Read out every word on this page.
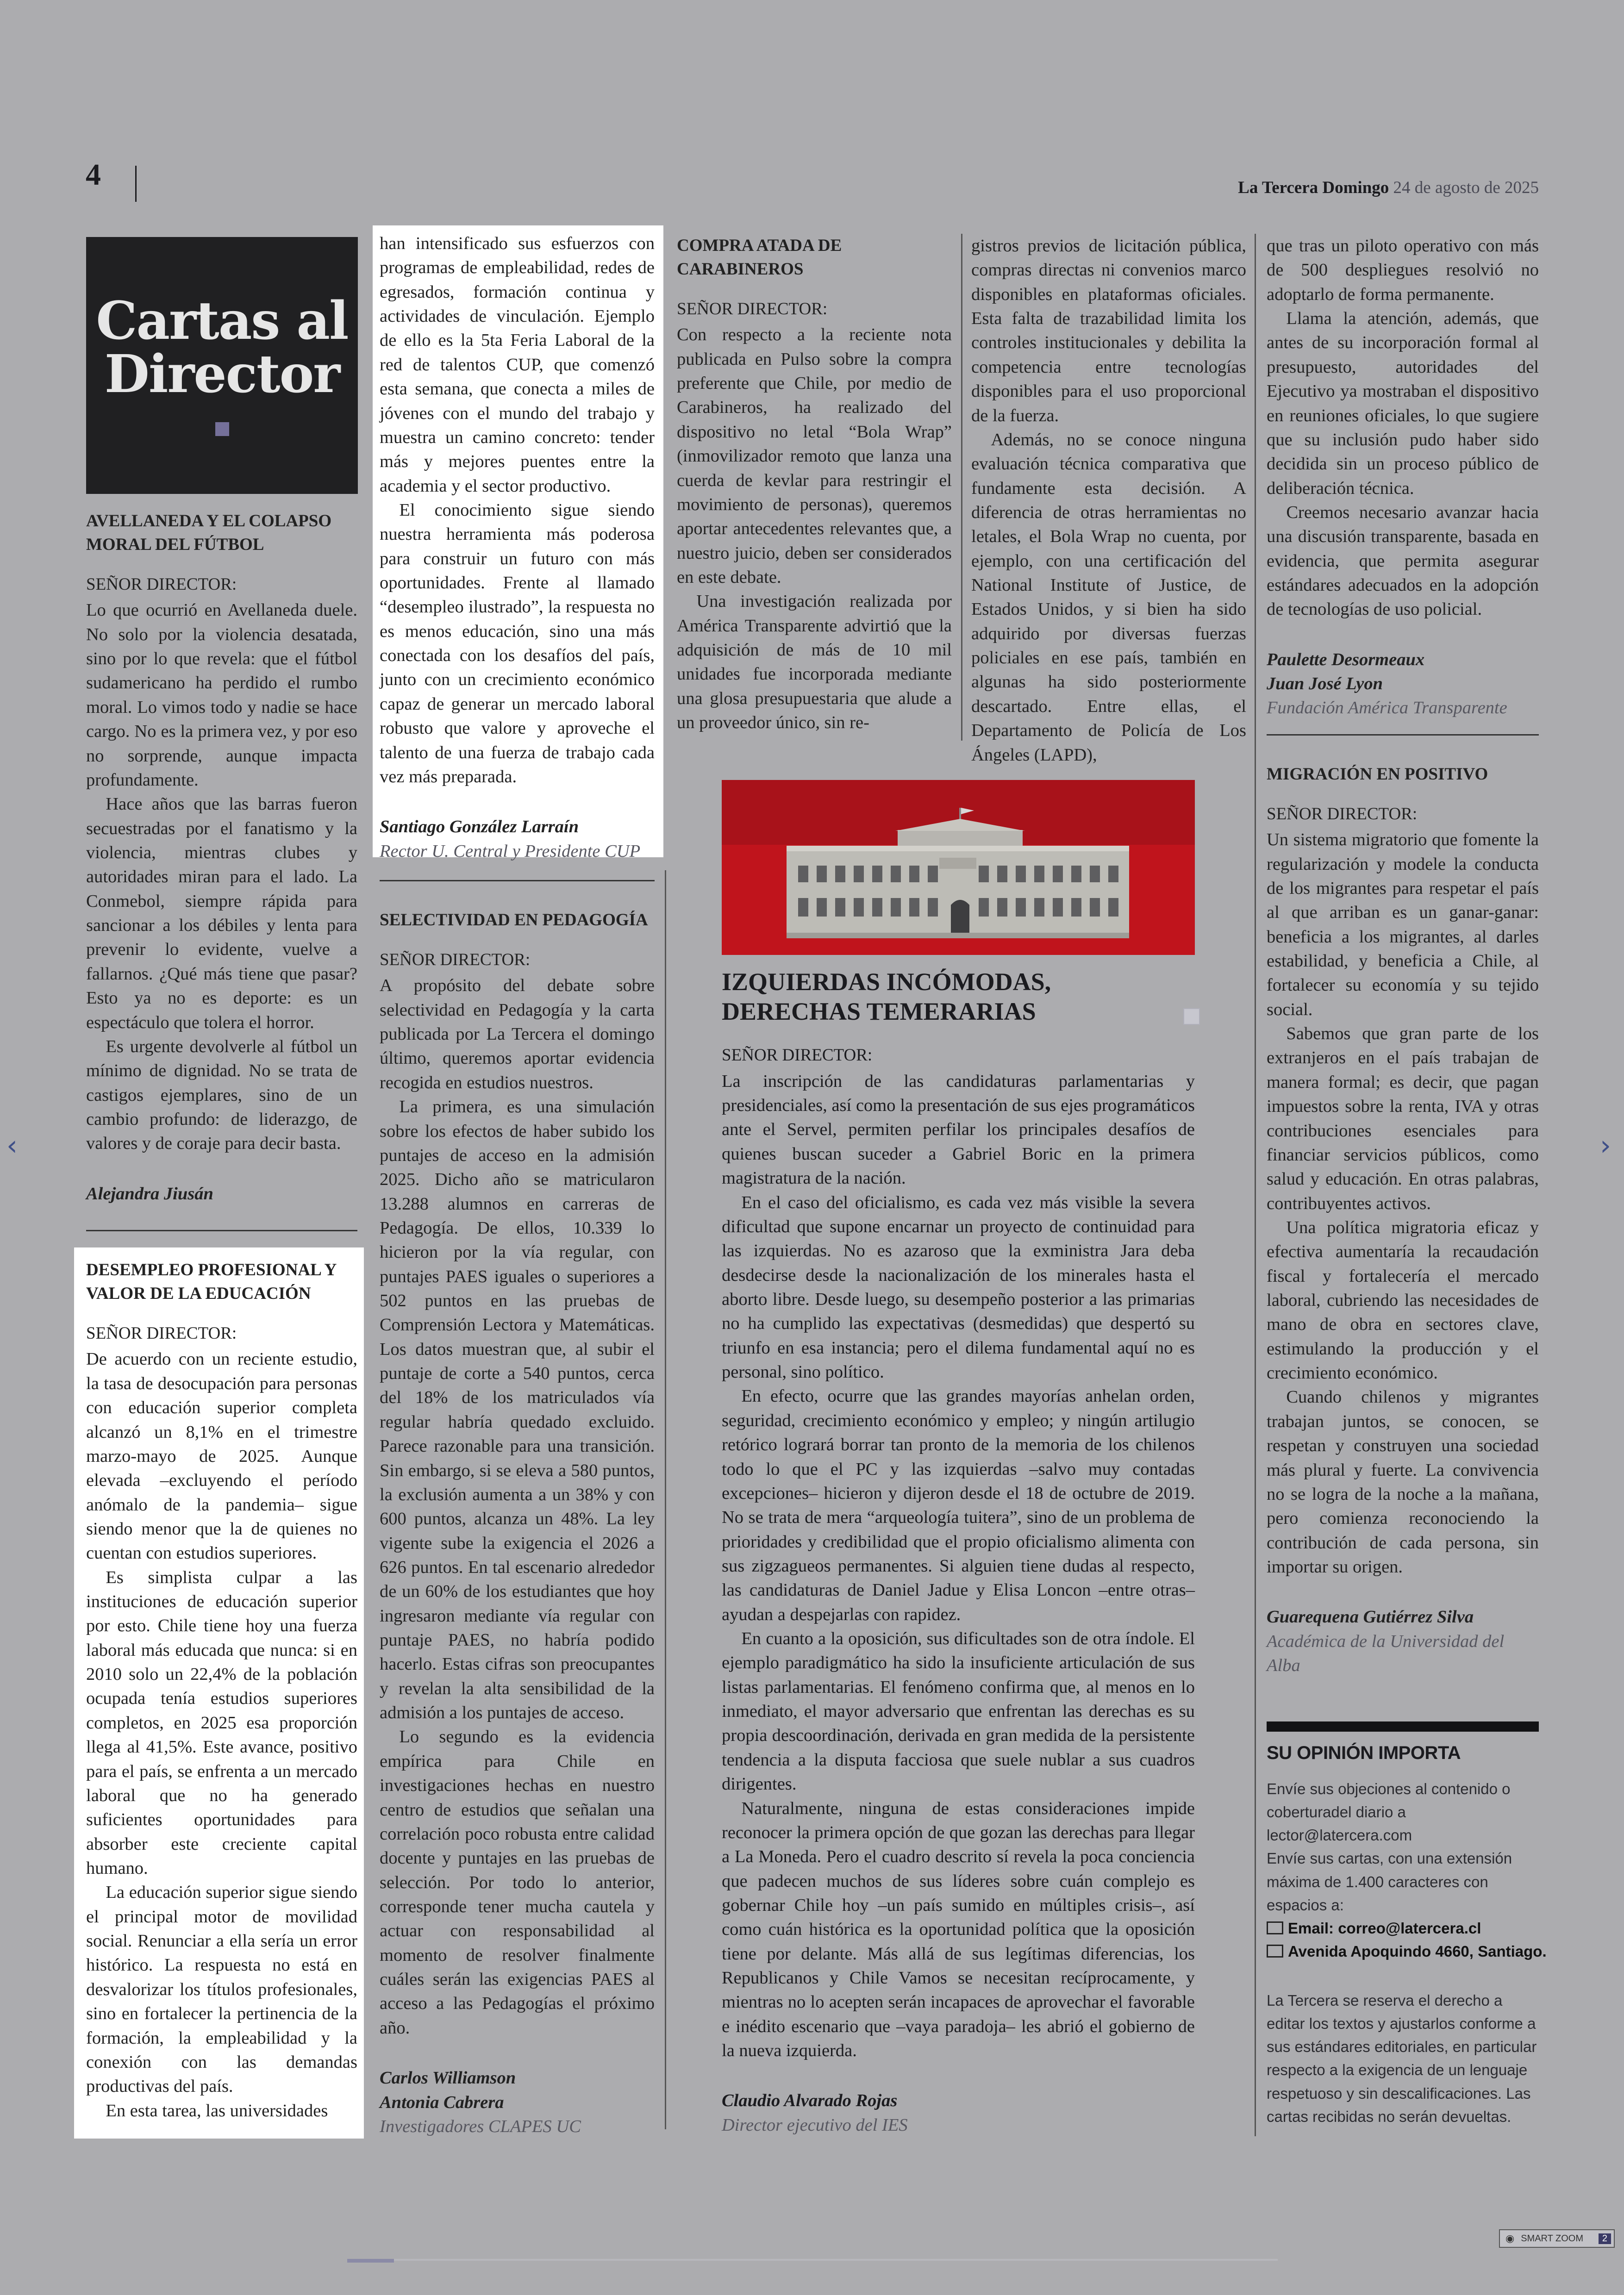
4	La Tercera Domingo 24 de agosto de 2025
Cartas al Director
AVELLANEDA Y EL COLAPSO MORAL DEL FÚTBOL
SEÑOR DIRECTOR:

Lo que ocurrió en Avellaneda duele. No solo por la violencia desatada, sino por lo que revela: que el fútbol sudamericano ha perdido el rumbo moral. Lo vimos todo y nadie se hace cargo. No es la primera vez, y por eso no sorprende, aunque impacta profundamente.

Hace años que las barras fueron secuestradas por el fanatismo y la violencia, mientras clubes y autoridades miran para el lado. La Conmebol, siempre rápida para sancionar a los débiles y lenta para prevenir lo evidente, vuelve a fallarnos. ¿Qué más tiene que pasar? Esto ya no es deporte: es un espectáculo que tolera el horror.

Es urgente devolverle al fútbol un mínimo de dignidad. No se trata de castigos ejemplares, sino de un cambio profundo: de liderazgo, de valores y de coraje para decir basta.

Alejandra Jiusán
DESEMPLEO PROFESIONAL Y VALOR DE LA EDUCACIÓN
SEÑOR DIRECTOR:

De acuerdo con un reciente estudio, la tasa de desocupación para personas con educación superior completa alcanzó un 8,1% en el trimestre marzo-mayo de 2025. Aunque elevada –excluyendo el período anómalo de la pandemia– sigue siendo menor que la de quienes no cuentan con estudios superiores.

Es simplista culpar a las instituciones de educación superior por esto. Chile tiene hoy una fuerza laboral más educada que nunca: si en 2010 solo un 22,4% de la población ocupada tenía estudios superiores completos, en 2025 esa proporción llega al 41,5%. Este avance, positivo para el país, se enfrenta a un mercado laboral que no ha generado suficientes oportunidades para absorber este creciente capital humano.

La educación superior sigue siendo el principal motor de movilidad social. Renunciar a ella sería un error histórico. La respuesta no está en desvalorizar los títulos profesionales, sino en fortalecer la pertinencia de la formación, la empleabilidad y la conexión con las demandas productivas del país.

En esta tarea, las universidades

han intensificado sus esfuerzos con programas de empleabilidad, redes de egresados, formación continua y actividades de vinculación. Ejemplo de ello es la 5ta Feria Laboral de la red de talentos CUP, que comenzó esta semana, que conecta a miles de jóvenes con el mundo del trabajo y muestra un camino concreto: tender más y mejores puentes entre la academia y el sector productivo.

El conocimiento sigue siendo nuestra herramienta más poderosa para construir un futuro con más oportunidades. Frente al llamado “desempleo ilustrado”, la respuesta no es menos educación, sino una más conectada con los desafíos del país, junto con un crecimiento económico capaz de generar un mercado laboral robusto que valore y aproveche el talento de una fuerza de trabajo cada vez más preparada.

Santiago González Larraín
Rector U. Central y Presidente CUP
SELECTIVIDAD EN PEDAGOGÍA
SEÑOR DIRECTOR:

A propósito del debate sobre selectividad en Pedagogía y la carta publicada por La Tercera el domingo último, queremos aportar evidencia recogida en estudios nuestros.

La primera, es una simulación sobre los efectos de haber subido los puntajes de acceso en la admisión 2025. Dicho año se matricularon 13.288 alumnos en carreras de Pedagogía. De ellos, 10.339 lo hicieron por la vía regular, con puntajes PAES iguales o superiores a 502 puntos en las pruebas de Comprensión Lectora y Matemáticas. Los datos muestran que, al subir el puntaje de corte a 540 puntos, cerca del 18% de los matriculados vía regular habría quedado excluido. Parece razonable para una transición. Sin embargo, si se eleva a 580 puntos, la exclusión aumenta a un 38% y con 600 puntos, alcanza un 48%. La ley vigente sube la exigencia el 2026 a 626 puntos. En tal escenario alrededor de un 60% de los estudiantes que hoy ingresaron mediante vía regular con puntaje PAES, no habría podido hacerlo. Estas cifras son preocupantes y revelan la alta sensibilidad de la admisión a los puntajes de acceso.

Lo segundo es la evidencia empírica para Chile en investigaciones hechas en nuestro centro de estudios que señalan una correlación poco robusta entre calidad docente y puntajes en las pruebas de selección. Por todo lo anterior, corresponde tener mucha cautela y actuar con responsabilidad al momento de resolver finalmente cuáles serán las exigencias PAES al acceso a las Pedagogías el próximo año.

Carlos Williamson
Antonia Cabrera
Investigadores CLAPES UC
COMPRA ATADA DE CARABINEROS
SEÑOR DIRECTOR:

Con respecto a la reciente nota publicada en Pulso sobre la compra preferente que Chile, por medio de Carabineros, ha realizado del dispositivo no letal “Bola Wrap” (inmovilizador remoto que lanza una cuerda de kevlar para restringir el movimiento de personas), queremos aportar antecedentes relevantes que, a nuestro juicio, deben ser considerados en este debate.

Una investigación realizada por América Transparente advirtió que la adquisición de más de 10 mil unidades fue incorporada mediante una glosa presupuestaria que alude a un proveedor único, sin re-

gistros previos de licitación pública, compras directas ni convenios marco disponibles en plataformas oficiales. Esta falta de trazabilidad limita los controles institucionales y debilita la competencia entre tecnologías disponibles para el uso proporcional de la fuerza.

Además, no se conoce ninguna evaluación técnica comparativa que fundamente esta decisión. A diferencia de otras herramientas no letales, el Bola Wrap no cuenta, por ejemplo, con una certificación del National Institute of Justice, de Estados Unidos, y si bien ha sido adquirido por diversas fuerzas policiales en ese país, también en algunas ha sido posteriormente descartado. Entre ellas, el Departamento de Policía de Los Ángeles (LAPD),

IZQUIERDAS INCÓMODAS, DERECHAS TEMERARIAS
SEÑOR DIRECTOR:

La inscripción de las candidaturas parlamentarias y presidenciales, así como la presentación de sus ejes programáticos ante el Servel, permiten perfilar los principales desafíos de quienes buscan suceder a Gabriel Boric en la primera magistratura de la nación.

En el caso del oficialismo, es cada vez más visible la severa dificultad que supone encarnar un proyecto de continuidad para las izquierdas. No es azaroso que la exministra Jara deba desdecirse desde la nacionalización de los minerales hasta el aborto libre. Desde luego, su desempeño posterior a las primarias no ha cumplido las expectativas (desmedidas) que despertó su triunfo en esa instancia; pero el dilema fundamental aquí no es personal, sino político.

En efecto, ocurre que las grandes mayorías anhelan orden, seguridad, crecimiento económico y empleo; y ningún artilugio retórico logrará borrar tan pronto de la memoria de los chilenos todo lo que el PC y las izquierdas –salvo muy contadas excepciones– hicieron y dijeron desde el 18 de octubre de 2019. No se trata de mera “arqueología tuitera”, sino de un problema de prioridades y credibilidad que el propio oficialismo alimenta con sus zigzagueos permanentes. Si alguien tiene dudas al respecto, las candidaturas de Daniel Jadue y Elisa Loncon –entre otras– ayudan a despejarlas con rapidez.

En cuanto a la oposición, sus dificultades son de otra índole. El ejemplo paradigmático ha sido la insuficiente articulación de sus listas parlamentarias. El fenómeno confirma que, al menos en lo inmediato, el mayor adversario que enfrentan las derechas es su propia descoordinación, derivada en gran medida de la persistente tendencia a la disputa facciosa que suele nublar a sus cuadros dirigentes.

Naturalmente, ninguna de estas consideraciones impide reconocer la primera opción de que gozan las derechas para llegar a La Moneda. Pero el cuadro descrito sí revela la poca conciencia que padecen muchos de sus líderes sobre cuán complejo es gobernar Chile hoy –un país sumido en múltiples crisis–, así como cuán histórica es la oportunidad política que la oposición tiene por delante. Más allá de sus legítimas diferencias, los Republicanos y Chile Vamos se necesitan recíprocamente, y mientras no lo acepten serán incapaces de aprovechar el favorable e inédito escenario que –vaya paradoja– les abrió el gobierno de la nueva izquierda.

Claudio Alvarado Rojas
Director ejecutivo del IES

que tras un piloto operativo con más de 500 despliegues resolvió no adoptarlo de forma permanente.

Llama la atención, además, que antes de su incorporación formal al presupuesto, autoridades del Ejecutivo ya mostraban el dispositivo en reuniones oficiales, lo que sugiere que su inclusión pudo haber sido decidida sin un proceso público de deliberación técnica.

Creemos necesario avanzar hacia una discusión transparente, basada en evidencia, que permita asegurar estándares adecuados en la adopción de tecnologías de uso policial.

Paulette Desormeaux
Juan José Lyon
Fundación América Transparente
MIGRACIÓN EN POSITIVO
SEÑOR DIRECTOR:

Un sistema migratorio que fomente la regularización y modele la conducta de los migrantes para respetar el país al que arriban es un ganar-ganar: beneficia a los migrantes, al darles estabilidad, y beneficia a Chile, al fortalecer su economía y su tejido social.

Sabemos que gran parte de los extranjeros en el país trabajan de manera formal; es decir, que pagan impuestos sobre la renta, IVA y otras contribuciones esenciales para financiar servicios públicos, como salud y educación. En otras palabras, contribuyentes activos.

Una política migratoria eficaz y efectiva aumentaría la recaudación fiscal y fortalecería el mercado laboral, cubriendo las necesidades de mano de obra en sectores clave, estimulando la producción y el crecimiento económico.

Cuando chilenos y migrantes trabajan juntos, se conocen, se respetan y construyen una sociedad más plural y fuerte. La convivencia no se logra de la noche a la mañana, pero comienza reconociendo la contribución de cada persona, sin importar su origen.

Guarequena Gutiérrez Silva
Académica de la Universidad del Alba
SU OPINIÓN IMPORTA
Envíe sus objeciones al contenido o coberturadel diario a lector@latercera.com
Envíe sus cartas, con una extensión máxima de 1.400 caracteres con espacios a:
Email: correo@latercera.cl
Avenida Apoquindo 4660, Santiago.
La Tercera se reserva el derecho a editar los textos y ajustarlos conforme a sus estándares editoriales, en particular respecto a la exigencia de un lenguaje respetuoso y sin descalificaciones. Las cartas recibidas no serán devueltas.
‹	›
◉ SMART ZOOM	2
